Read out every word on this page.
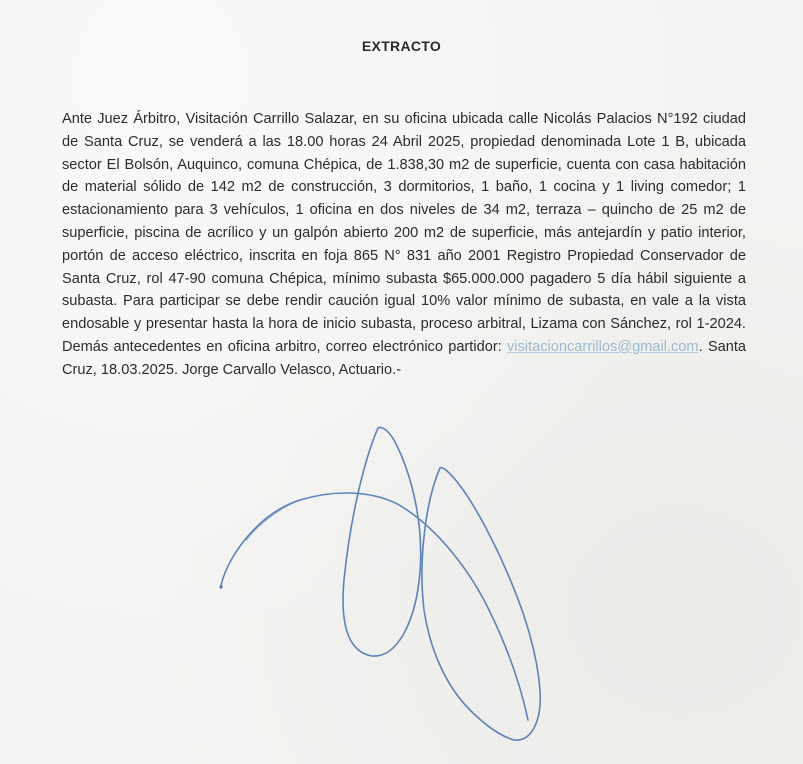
EXTRACTO
Ante Juez Árbitro, Visitación Carrillo Salazar, en su oficina ubicada calle Nicolás Palacios N°192 ciudad de Santa Cruz, se venderá a las 18.00 horas 24 Abril 2025, propiedad denominada Lote 1 B, ubicada sector El Bolsón, Auquinco, comuna Chépica, de 1.838,30 m2 de superficie, cuenta con casa habitación de material sólido de 142 m2 de construcción, 3 dormitorios, 1 baño, 1 cocina y 1 living comedor; 1 estacionamiento para 3 vehículos, 1 oficina en dos niveles de 34 m2, terraza – quincho de 25 m2 de superficie, piscina de acrílico y un galpón abierto 200 m2 de superficie, más antejardín y patio interior, portón de acceso eléctrico, inscrita en foja 865 N° 831 año 2001 Registro Propiedad Conservador de Santa Cruz, rol 47-90 comuna Chépica, mínimo subasta $65.000.000 pagadero 5 día hábil siguiente a subasta. Para participar se debe rendir caución igual 10% valor mínimo de subasta, en vale a la vista endosable y presentar hasta la hora de inicio subasta, proceso arbitral, Lizama con Sánchez, rol 1-2024. Demás antecedentes en oficina arbitro, correo electrónico partidor: visitacioncarrillos@gmail.com. Santa Cruz, 18.03.2025. Jorge Carvallo Velasco, Actuario.-
